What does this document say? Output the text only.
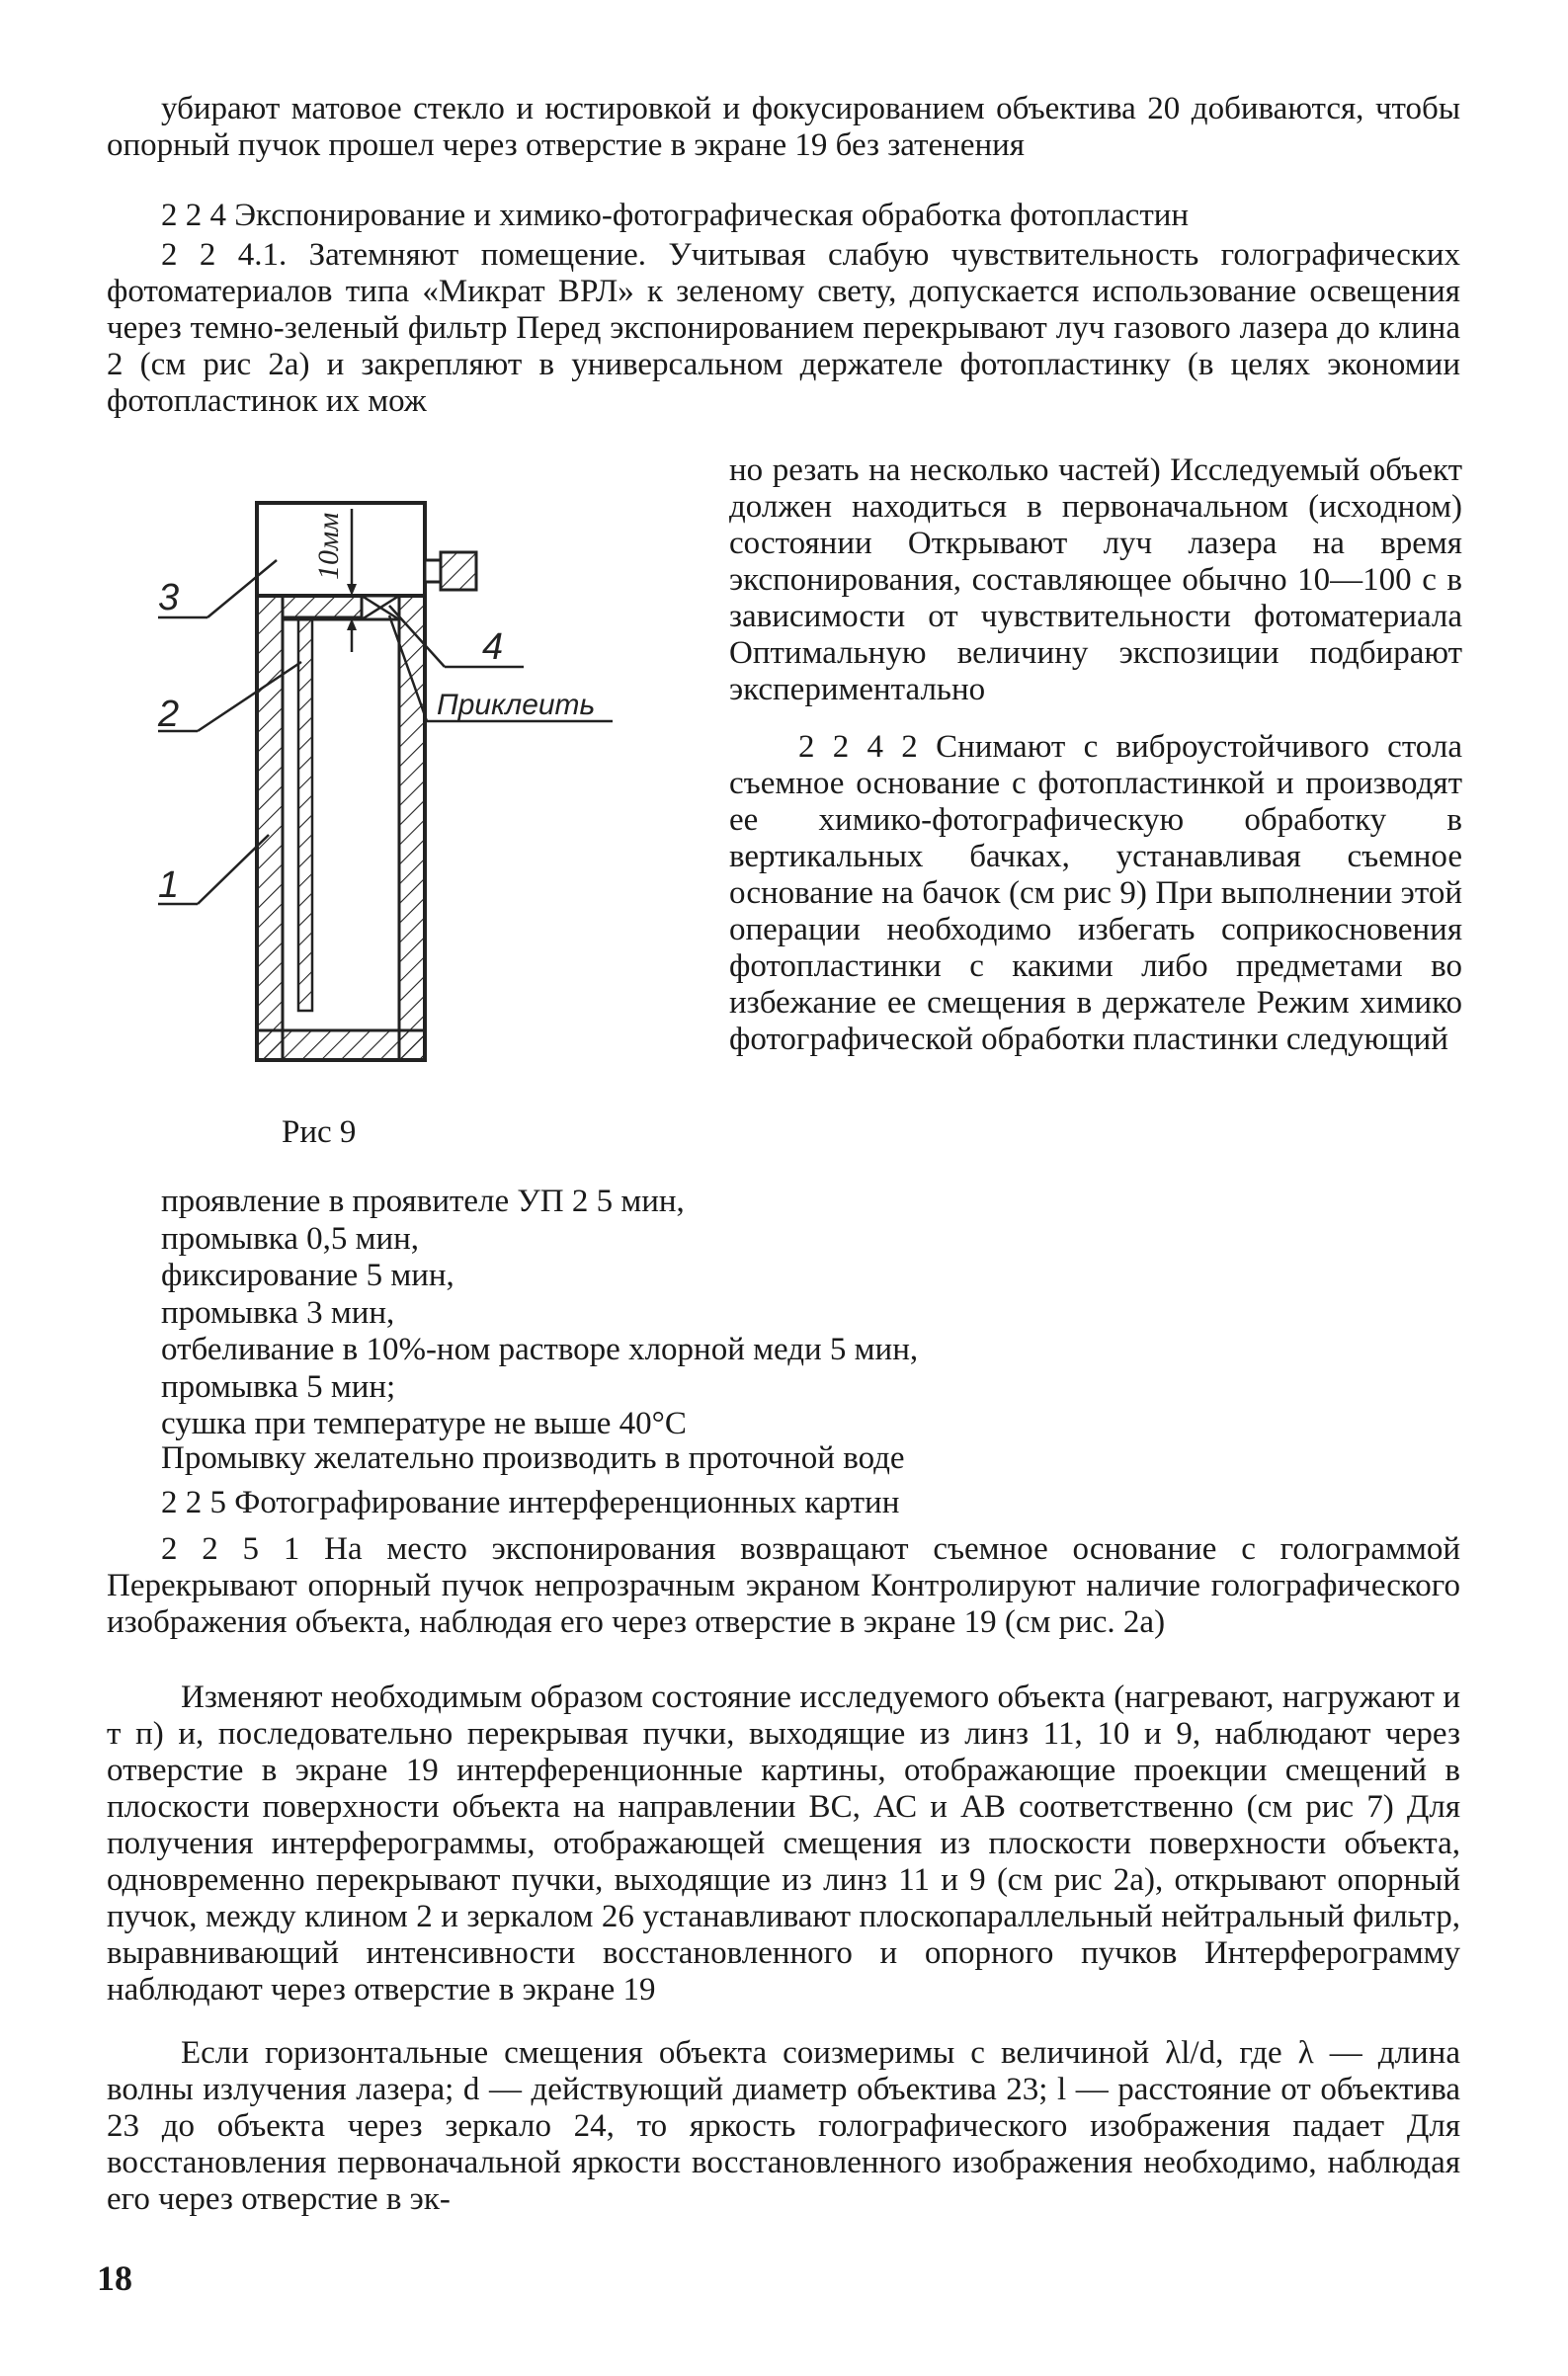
убирают матовое стекло и юстировкой и фокусированием объектива 20 добиваются, чтобы опорный пучок прошел через отверстие в экране 19 без затенения

2 2 4 Экспонирование и химико-фотографическая обработка фотопластин

2 2 4.1. Затемняют помещение. Учитывая слабую чувствительность голографических фотоматериалов типа «Микрат ВРЛ» к зеленому свету, допускается использование освещения через темно-зеленый фильтр Перед экспонированием перекрывают луч газового лазера до клина 2 (см рис 2а) и закрепляют в универсальном держателе фотопластинку (в целях экономии фотопластинок их мож

10мм
3
2
1
4
Приклеить

2 2 4 2 Снимают с виброустойчивого стола съемное основание с фотопластинкой и производят ее химико-фотографическую обработку в вертикальных бачках, устанавливая съемное основание на бачок (см рис 9) При выполнении этой операции необходимо избегать соприкосновения фотопластинки с какими либо предметами во избежание ее смещения в держателе Режим химико фотографической обработки пластинки следующий

Рис 9
проявление в проявителе УП 2 5 мин,
промывка 0,5 мин,
фиксирование 5 мин,
промывка 3 мин,
отбеливание в 10%-ном растворе хлорной меди 5 мин,
промывка 5 мин;
сушка при температуре не выше 40°С

Промывку желательно производить в проточной воде

2 2 5 Фотографирование интерференционных картин

2 2 5 1 На место экспонирования возвращают съемное основание с голограммой Перекрывают опорный пучок непрозрачным экраном Контролируют наличие голографического изображения объекта, наблюдая его через отверстие в экране 19 (см рис. 2а)

Изменяют необходимым образом состояние исследуемого объекта (нагревают, нагружают и т п) и, последовательно перекрывая пучки, выходящие из линз 11, 10 и 9, наблюдают через отверстие в экране 19 интерференционные картины, отображающие проекции смещений в плоскости поверхности объекта на направлении ВС, АС и АВ соответственно (см рис 7) Для получения интерферограммы, отображающей смещения из плоскости поверхности объекта, одновременно перекрывают пучки, выходящие из линз 11 и 9 (см рис 2а), открывают опорный пучок, между клином 2 и зеркалом 26 устанавливают плоскопараллельный нейтральный фильтр, выравнивающий интенсивности восстановленного и опорного пучков Интерферограмму наблюдают через отверстие в экране 19

Если горизонтальные смещения объекта соизмеримы с величиной λl/d, где λ — длина волны излучения лазера; d — действующий диаметр объектива 23; l — расстояние от объектива 23 до объекта через зеркало 24, то яркость голографического изображения падает Для восстановления первоначальной яркости восстановленного изображения необходимо, наблюдая его через отверстие в эк-

18

но резать на несколько частей) Исследуемый объект должен находиться в первоначальном (исходном) состоянии Открывают луч лазера на время экспонирования, составляющее обычно 10—100 с в зависимости от чувствительности фотоматериала Оптимальную величину экспозиции подбирают экспериментально
